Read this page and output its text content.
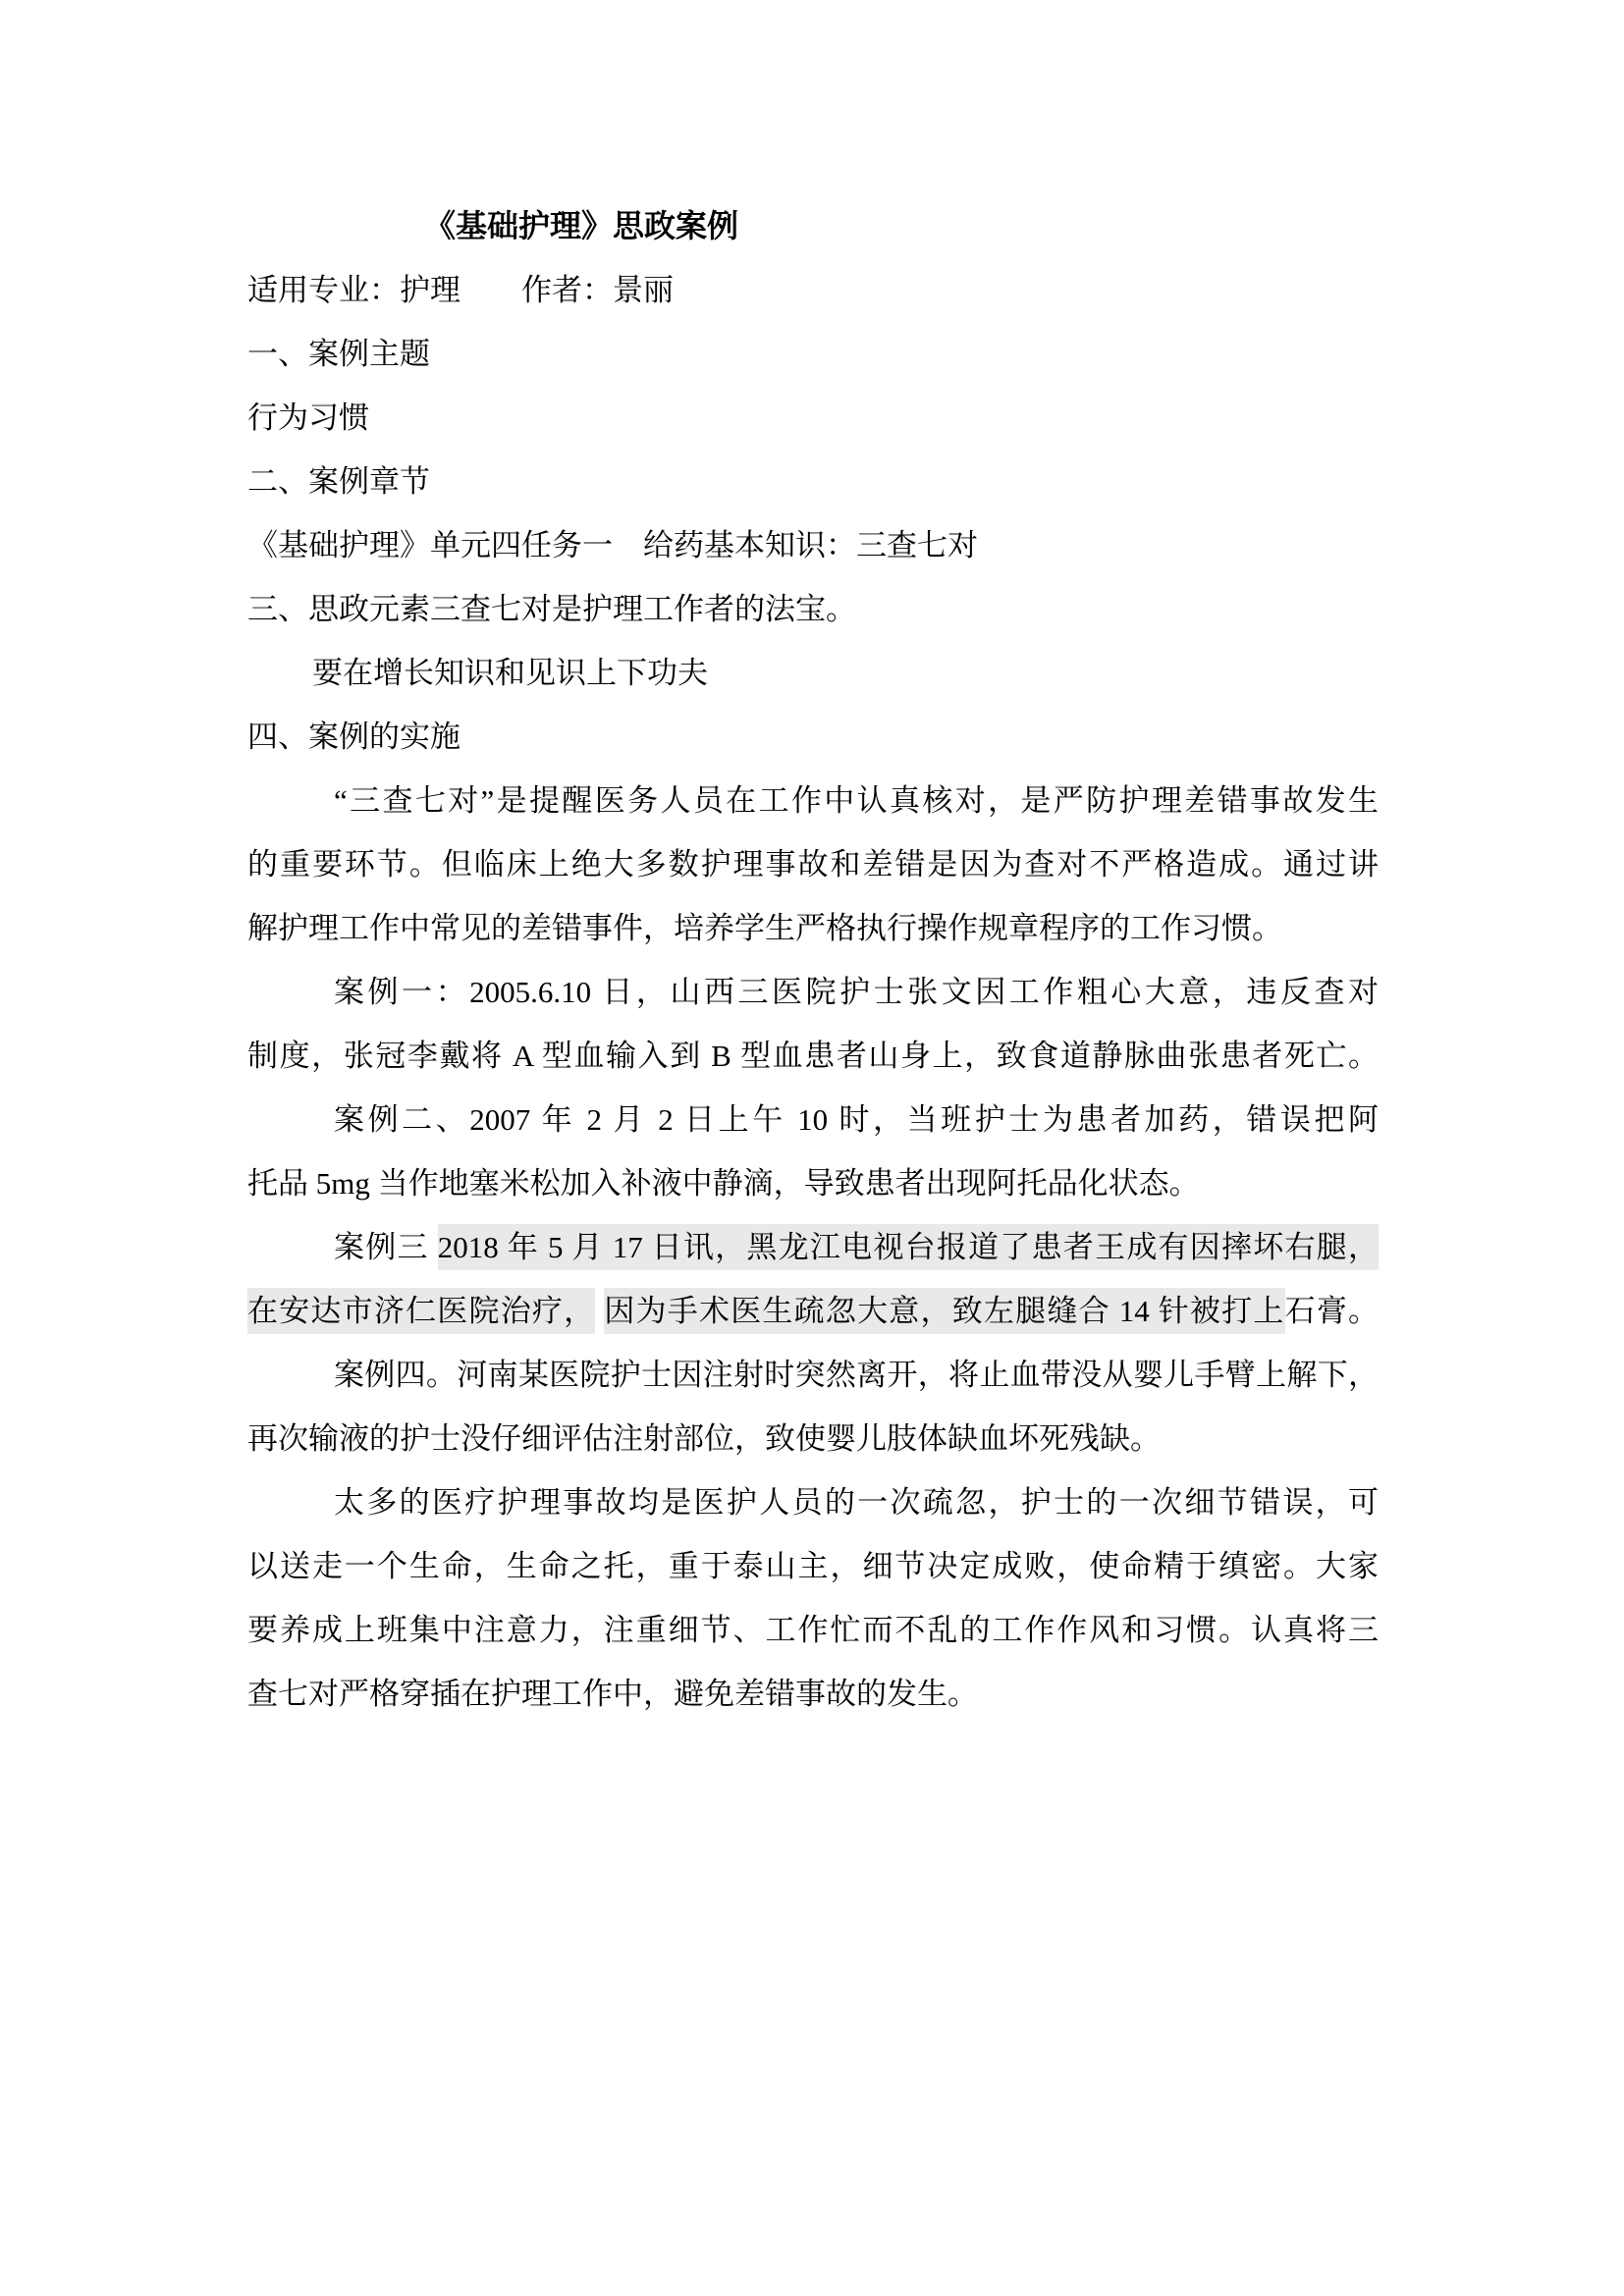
《基础护理》思政案例
适用专业：护理　　作者：景丽
一、案例主题
行为习惯
二、案例章节
《基础护理》单元四任务一　给药基本知识：三查七对
三、思政元素三查七对是护理工作者的法宝。
要在增长知识和见识上下功夫
四、案例的实施
“三查七对”是提醒医务人员在工作中认真核对，是严防护理差错事故发生
的重要环节。但临床上绝大多数护理事故和差错是因为查对不严格造成。通过讲
解护理工作中常见的差错事件，培养学生严格执行操作规章程序的工作习惯。
案例一：2005.6.10 日，山西三医院护士张文因工作粗心大意，违反查对
制度，张冠李戴将 A 型血输入到 B 型血患者山身上，致食道静脉曲张患者死亡。
案例二、2007 年 2 月 2 日上午 10 时，当班护士为患者加药，错误把阿
托品 5mg 当作地塞米松加入补液中静滴，导致患者出现阿托品化状态。
案例三 2018 年 5 月 17 日讯，黑龙江电视台报道了患者王成有因摔坏右腿，
在安达市济仁医院治疗， 因为手术医生疏忽大意，致左腿缝合 14 针被打上石膏。
案例四。河南某医院护士因注射时突然离开，将止血带没从婴儿手臂上解下，
再次输液的护士没仔细评估注射部位，致使婴儿肢体缺血坏死残缺。
太多的医疗护理事故均是医护人员的一次疏忽，护士的一次细节错误，可
以送走一个生命，生命之托，重于泰山主，细节决定成败，使命精于缜密。大家
要养成上班集中注意力，注重细节、工作忙而不乱的工作作风和习惯。认真将三
查七对严格穿插在护理工作中，避免差错事故的发生。
